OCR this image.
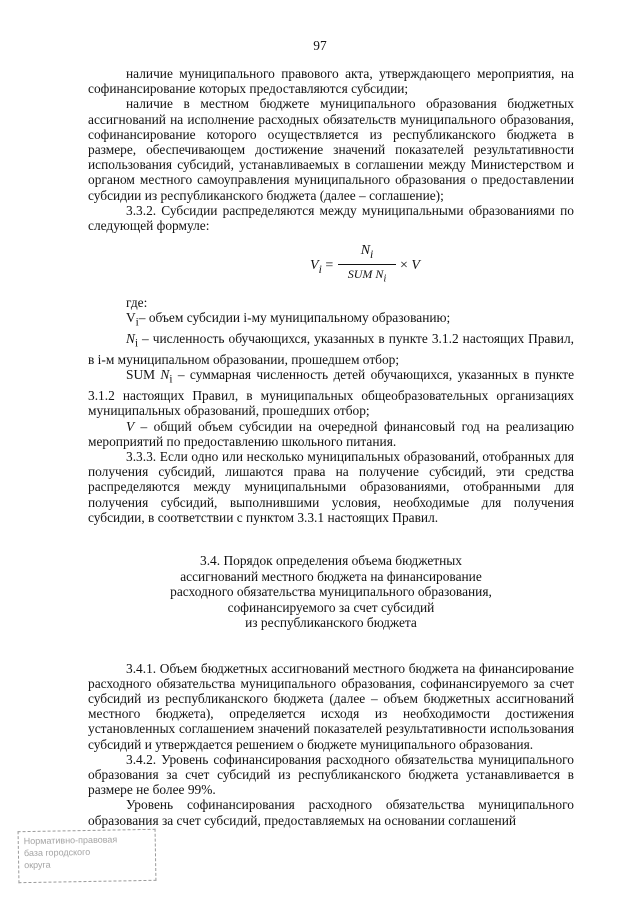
97

наличие муниципального правового акта, утверждающего мероприятия, на софинансирование которых предоставляются субсидии;

наличие в местном бюджете муниципального образования бюджетных ассигнований на исполнение расходных обязательств муниципального образования, софинансирование которого осуществляется из республиканского бюджета в размере, обеспечивающем достижение значений показателей результативности использования субсидий, устанавливаемых в соглашении между Министерством и органом местного самоуправления муниципального образования о предоставлении субсидии из республиканского бюджета (далее – соглашение);

3.3.2. Субсидии распределяются между муниципальными образованиями по следующей формуле:

$V_i$ =
$N_i$
SUM $N_i$
× V

где:

$V_i-$ объем субсидии i-му муниципальному образованию;

$N_i$ – численность обучающихся, указанных в пункте 3.1.2 настоящих Правил, в i-м муниципальном образовании, прошедшем отбор;

SUM $N_i$ – суммарная численность детей обучающихся, указанных в пункте 3.1.2 настоящих Правил, в муниципальных общеобразовательных организациях муниципальных образований, прошедших отбор;

V – общий объем субсидии на очередной финансовый год на реализацию мероприятий по предоставлению школьного питания.

3.3.3. Если одно или несколько муниципальных образований, отобранных для получения субсидий, лишаются права на получение субсидий, эти средства распределяются между муниципальными образованиями, отобранными для получения субсидий, выполнившими условия, необходимые для получения субсидии, в соответствии с пунктом 3.3.1 настоящих Правил.

3.4. Порядок определения объема бюджетных
ассигнований местного бюджета на финансирование
расходного обязательства муниципального образования,
софинансируемого за счет субсидий
из республиканского бюджета

3.4.1. Объем бюджетных ассигнований местного бюджета на финансирование расходного обязательства муниципального образования, софинансируемого за счет субсидий из республиканского бюджета (далее – объем бюджетных ассигнований местного бюджета), определяется исходя из необходимости достижения установленных соглашением значений показателей результативности использования субсидий и утверждается решением о бюджете муниципального образования.

3.4.2. Уровень софинансирования расходного обязательства муниципального образования за счет субсидий из республиканского бюджета устанавливается в размере не более 99%.

Уровень софинансирования расходного обязательства муниципального образования за счет субсидий, предоставляемых на основании соглашений

Нормативно-правовая
база городского
округа
